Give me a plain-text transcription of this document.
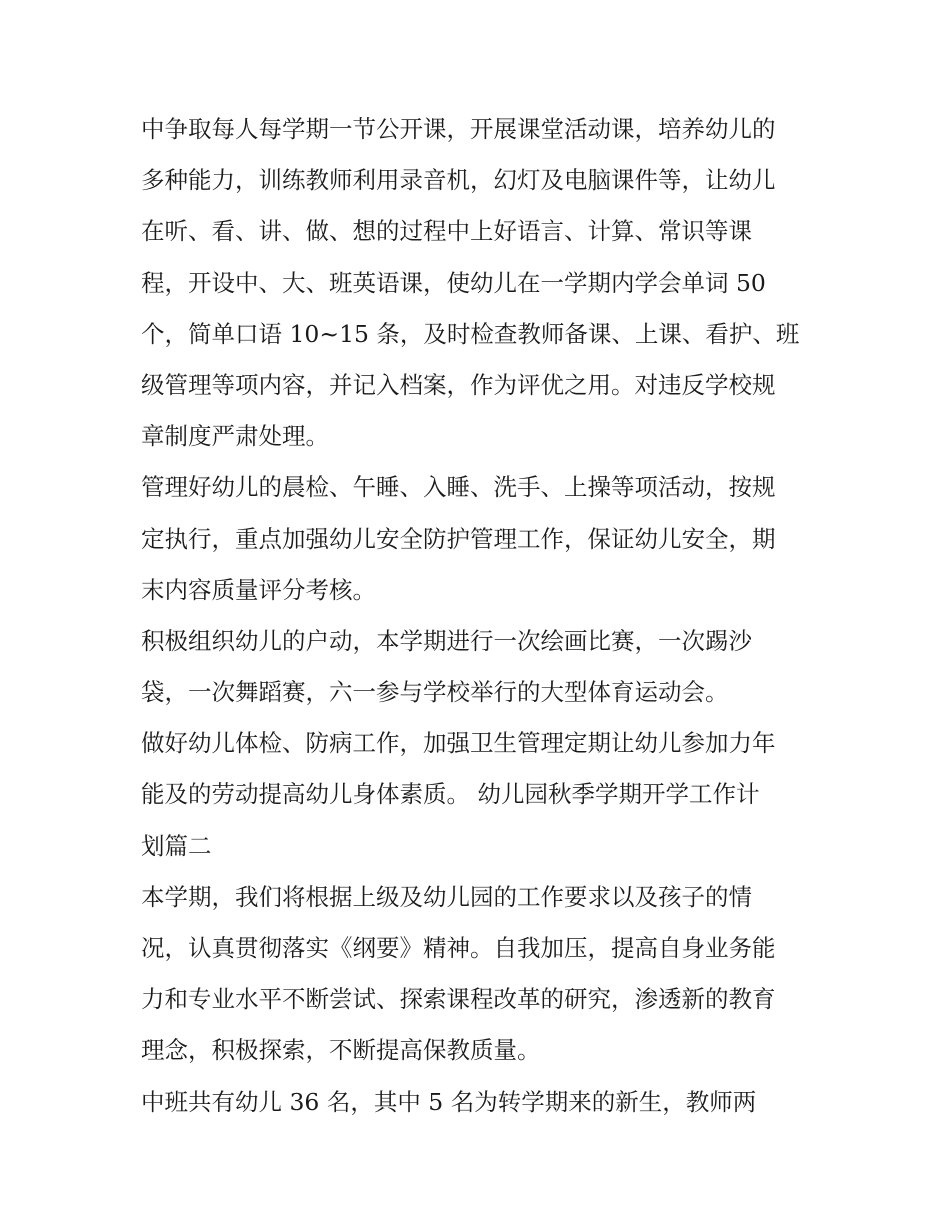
中争取每人每学期一节公开课，开展课堂活动课，培养幼儿的
多种能力，训练教师利用录音机，幻灯及电脑课件等，让幼儿
在听、看、讲、做、想的过程中上好语言、计算、常识等课
程，开设中、大、班英语课，使幼儿在一学期内学会单词 50
个，简单口语 10~15 条，及时检查教师备课、上课、看护、班
级管理等项内容，并记入档案，作为评优之用。对违反学校规
章制度严肃处理。
管理好幼儿的晨检、午睡、入睡、洗手、上操等项活动，按规
定执行，重点加强幼儿安全防护管理工作，保证幼儿安全，期
末内容质量评分考核。
积极组织幼儿的户动，本学期进行一次绘画比赛，一次踢沙
袋，一次舞蹈赛，六一参与学校举行的大型体育运动会。
做好幼儿体检、防病工作，加强卫生管理定期让幼儿参加力年
能及的劳动提高幼儿身体素质。 幼儿园秋季学期开学工作计
划篇二
本学期，我们将根据上级及幼儿园的工作要求以及孩子的情
况，认真贯彻落实《纲要》精神。自我加压，提高自身业务能
力和专业水平不断尝试、探索课程改革的研究，渗透新的教育
理念，积极探索，不断提高保教质量。
中班共有幼儿 36 名，其中 5 名为转学期来的新生，教师两
